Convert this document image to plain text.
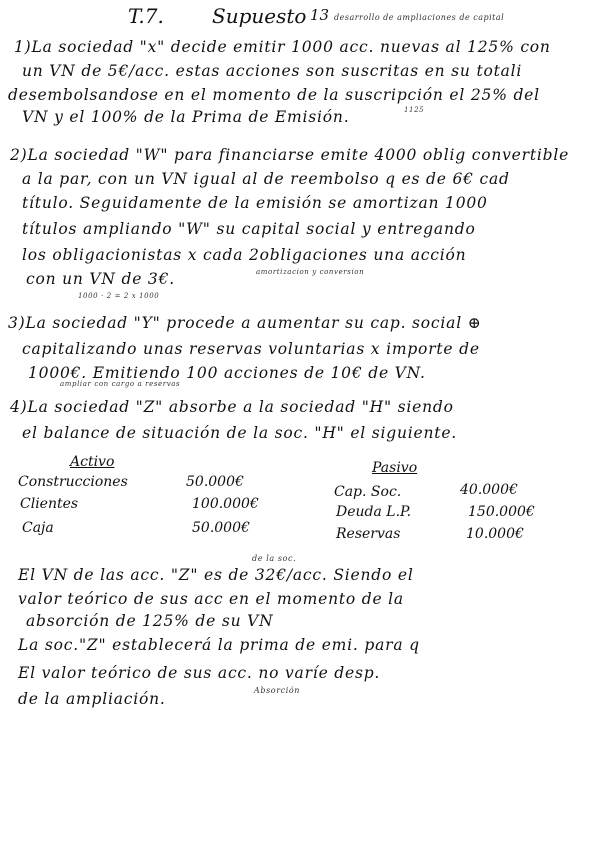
T.7. Supuesto 13 desarrollo de ampliaciones de capital
1)La sociedad "x" decide emitir 1000 acc. nuevas al 125% con
un VN de 5€/acc. estas acciones son suscritas en su totali
desembolsandose en el momento de la suscripción el 25% del
VN y el 100% de la Prima de Emisión.	1125
2)La sociedad "W" para financiarse emite 4000 oblig convertible
a la par, con un VN igual al de reembolso q es de 6€ cad
título. Seguidamente de la emisión se amortizan 1000
títulos ampliando "W" su capital social y entregando
los obligacionistas x cada 2obligaciones una acción
con un VN de 3€.	amortizacion y conversion
1000 · 2 = 2 x 1000
3)La sociedad "Y" procede a aumentar su cap. social ⊕
capitalizando unas reservas voluntarias x importe de
1000€. Emitiendo 100 acciones de 10€ de VN.
ampliar con cargo a reservas
4)La sociedad "Z" absorbe a la sociedad "H" siendo
el balance de situación de la soc. "H" el siguiente.
Activo	Pasivo
Construcciones	50.000€
Clientes	100.000€
Caja	50.000€
Cap. Soc.	40.000€
Deuda L.P.	150.000€
Reservas	10.000€
de la soc.
El VN de las acc. "Z" es de 32€/acc. Siendo el
valor teórico de sus acc en el momento de la
absorción de 125% de su VN
La soc."Z" establecerá la prima de emi. para q
El valor teórico de sus acc. no varíe desp.
de la ampliación.	Absorción
